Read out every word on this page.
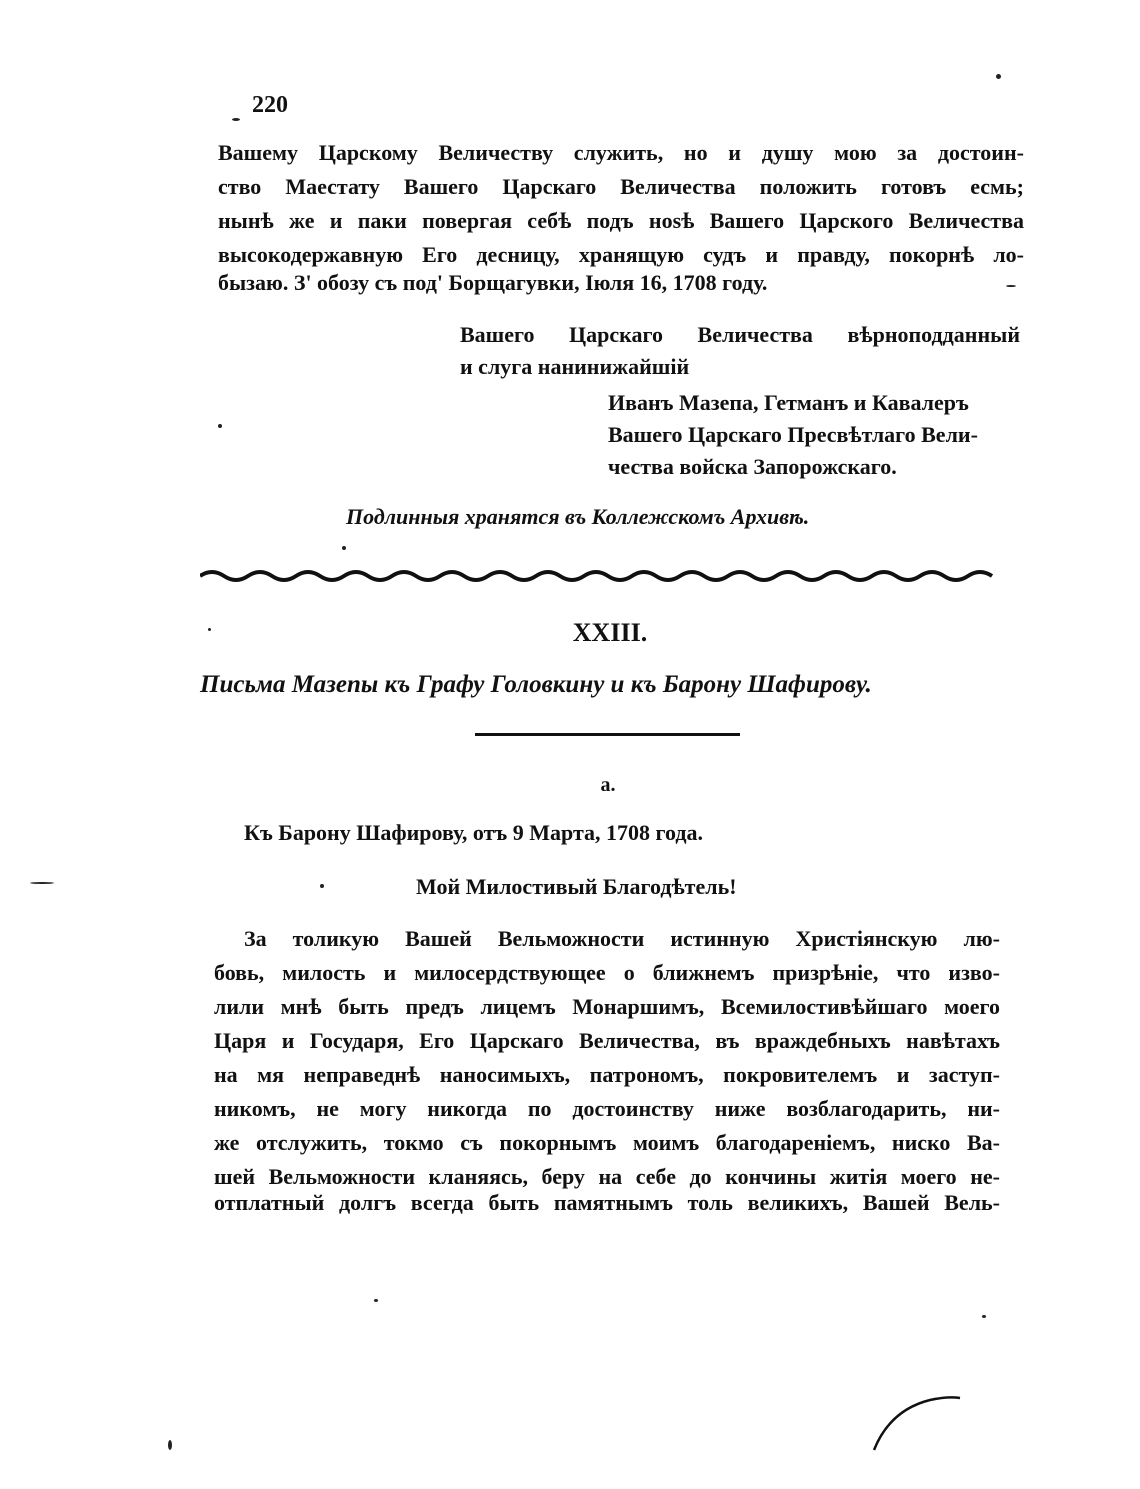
220

Вашему Царскому Величеству служить, но и душу мою за достоин-

ство Маестату Вашего Царскаго Величества положить готовъ есмь;

нынѣ же и паки повергая себѣ подъ ноѕѣ Вашего Царского Величества

высокодержавную Его десницу, хранящую судъ и правду, покорнѣ ло-

бызаю. З' обозу съ под' Борщагувки, Іюля 16, 1708 году.

Вашего Царскаго Величества вѣрноподданный

и слуга нанинижайшій

Иванъ Мазепа, Гетманъ и Кавалеръ

Вашего Царскаго Пресвѣтлаго Вели-

чества войска Запорожскаго.

Подлинныя хранятся въ Коллежскомъ Архивѣ.

XXIII.
Письма Мазепы къ Графу Головкину и къ Барону Шафирову.
a.

Къ Барону Шафирову, отъ 9 Марта, 1708 года.

Мой Милостивый Благодѣтель!

За толикую Вашей Вельможности истинную Христіянскую лю-

бовь, милость и милосердствующее о ближнемъ призрѣніе, что изво-

лили мнѣ быть предъ лицемъ Монаршимъ, Всемилостивѣйшаго моего

Царя и Государя, Его Царскаго Величества, въ враждебныхъ навѣтахъ

на мя неправеднѣ наносимыхъ, патрономъ, покровителемъ и заступ-

никомъ, не могу никогда по достоинству ниже возблагодарить, ни-

же отслужить, токмо съ покорнымъ моимъ благодареніемъ, ниско Ва-

шей Вельможности кланяясь, беру на себе до кончины житія моего не-

отплатный долгъ всегда быть памятнымъ толь великихъ, Вашей Вель-
